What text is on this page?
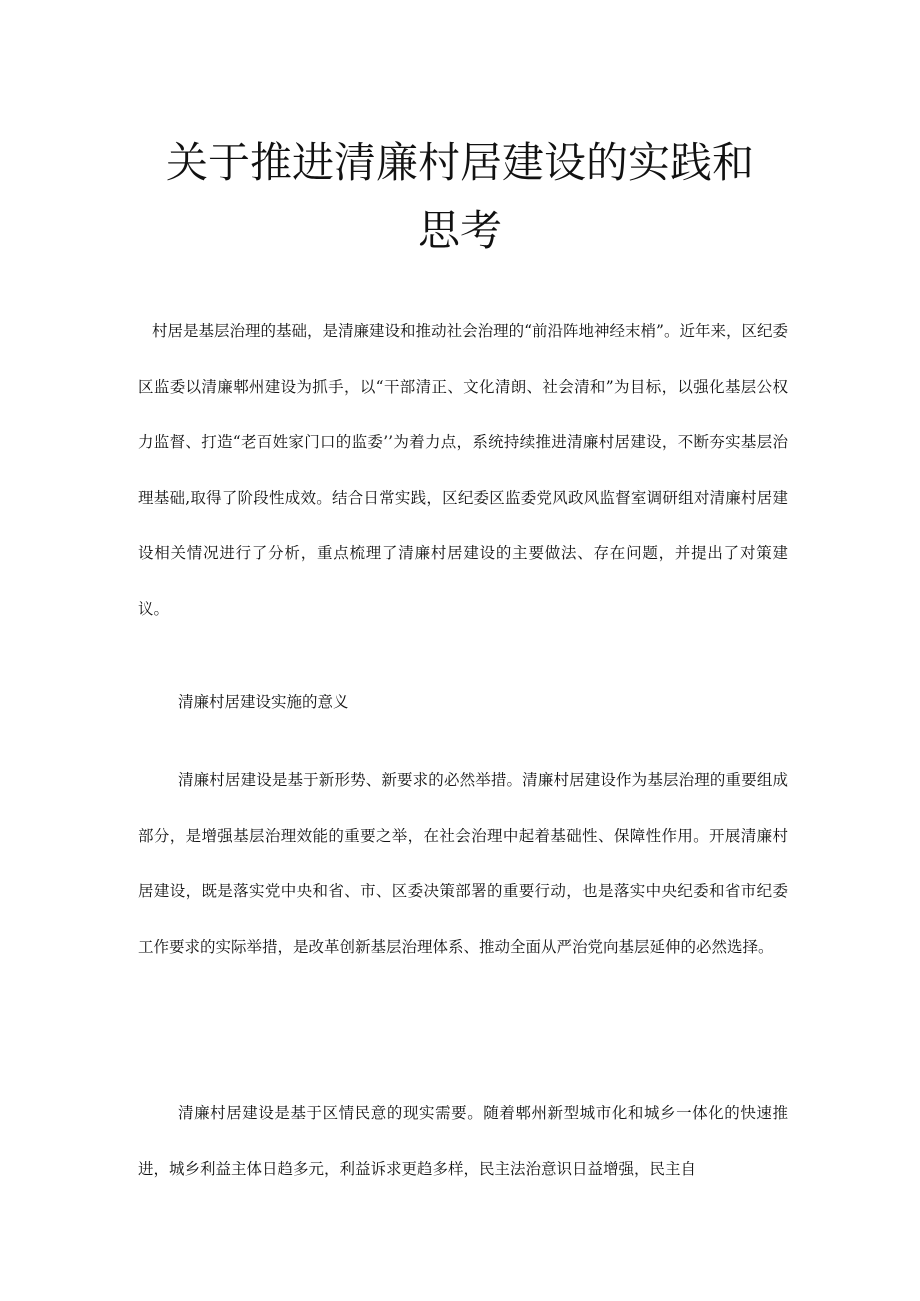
关于推进清廉村居建设的实践和
思考

村居是基层治理的基础，是清廉建设和推动社会治理的“前沿阵地神经末梢”。近年来，区纪委区监委以清廉郫州建设为抓手，以“干部清正、文化清朗、社会清和”为目标，以强化基层公权力监督、打造“老百姓家门口的监委’’为着力点，系统持续推进清廉村居建设，不断夯实基层治理基础,取得了阶段性成效。结合日常实践，区纪委区监委党风政风监督室调研组对清廉村居建设相关情况进行了分析，重点梳理了清廉村居建设的主要做法、存在问题，并提出了对策建议。

清廉村居建设实施的意义

清廉村居建设是基于新形势、新要求的必然举措。清廉村居建设作为基层治理的重要组成部分，是增强基层治理效能的重要之举，在社会治理中起着基础性、保障性作用。开展清廉村居建设，既是落实党中央和省、市、区委决策部署的重要行动，也是落实中央纪委和省市纪委工作要求的实际举措，是改革创新基层治理体系、推动全面从严治党向基层延伸的必然选择。

清廉村居建设是基于区情民意的现实需要。随着郫州新型城市化和城乡一体化的快速推进，城乡利益主体日趋多元，利益诉求更趋多样，民主法治意识日益增强，民主自
